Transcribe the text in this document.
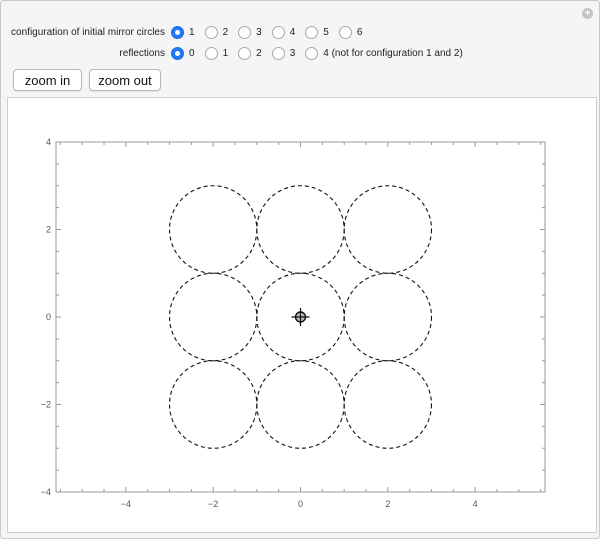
+
configuration of initial mirror circles	1	2	3	4	5	6
reflections	0	1	2	3	4 (not for configuration 1 and 2)
zoom in	zoom out
−4	−2	0	2	4
−4
−2
0
2
4
